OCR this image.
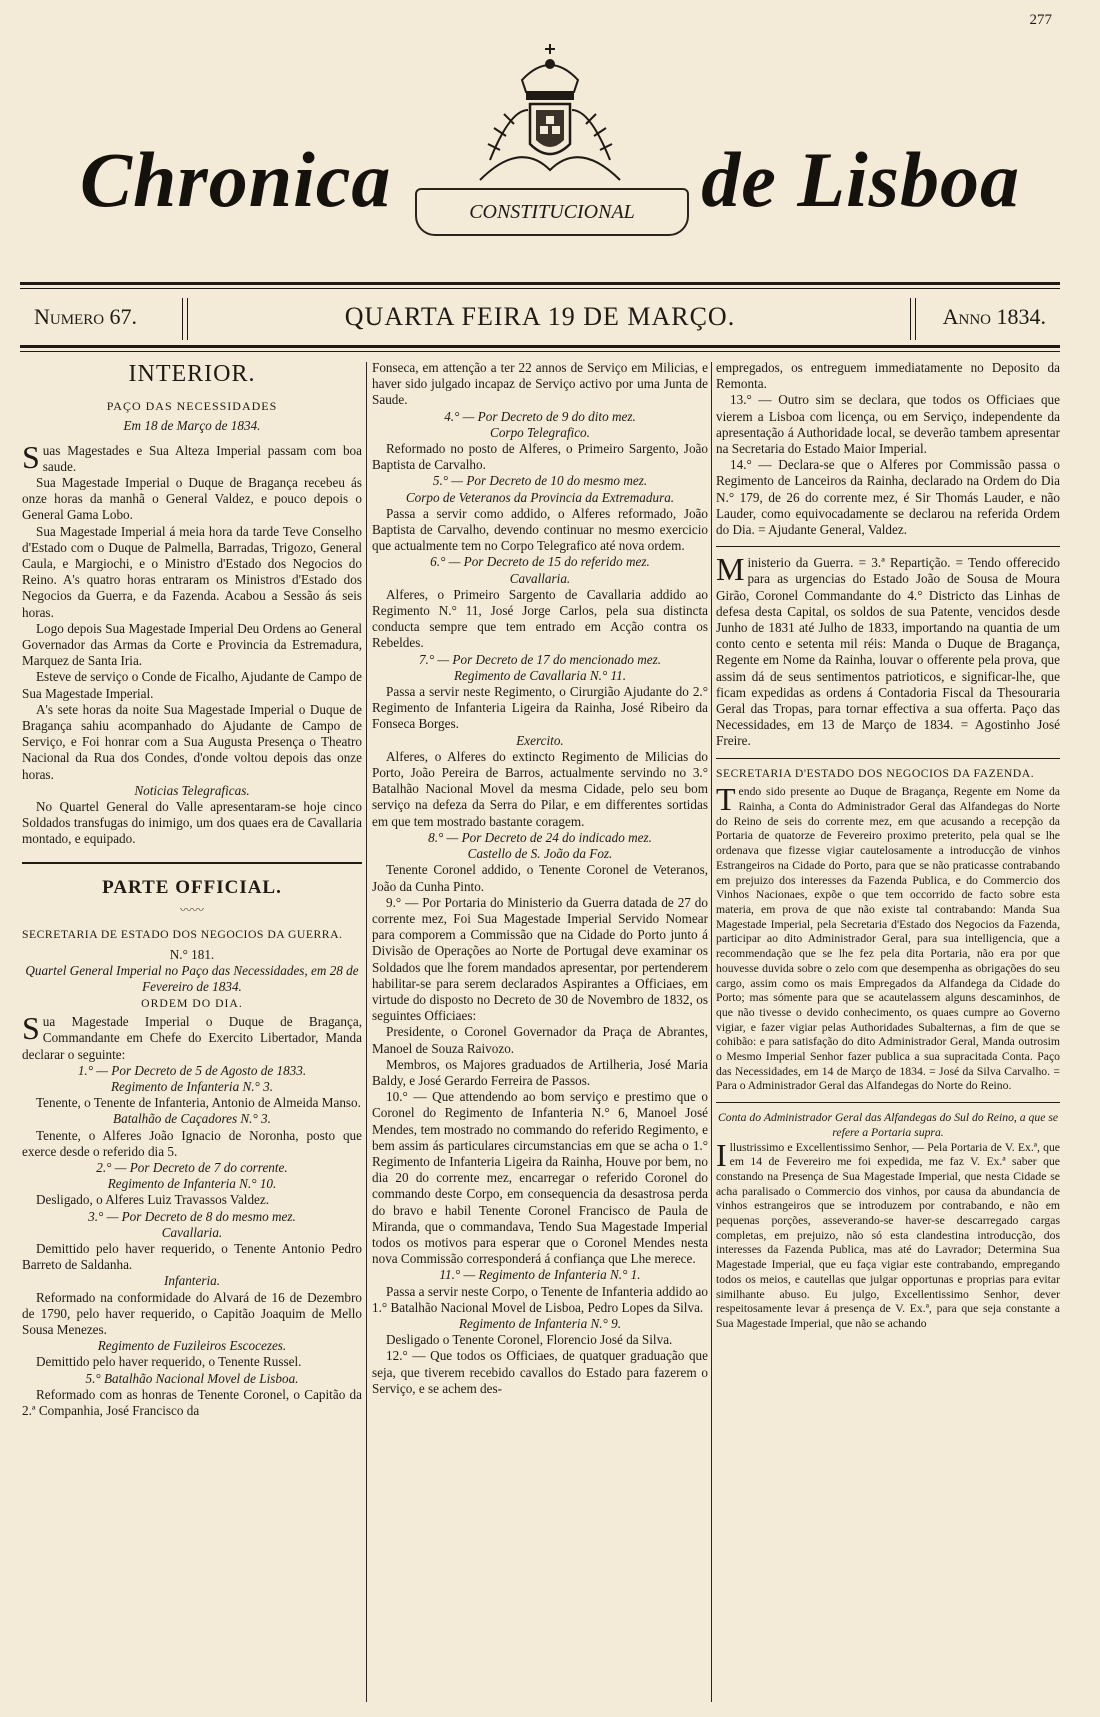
277
Chronica	CONSTITUCIONAL de Lisboa
Numero 67.	QUARTA FEIRA 19 DE MARÇO.	Anno 1834.
INTERIOR.
PAÇO DAS NECESSIDADES
Em 18 de Março de 1834.

Suas Magestades e Sua Alteza Imperial passam com boa saude.

Sua Magestade Imperial o Duque de Bragança recebeu ás onze horas da manhã o General Valdez, e pouco depois o General Gama Lobo.

Sua Magestade Imperial á meia hora da tarde Teve Conselho d'Estado com o Duque de Palmella, Barradas, Trigozo, General Caula, e Margiochi, e o Ministro d'Estado dos Negocios do Reino. A's quatro horas entraram os Ministros d'Estado dos Negocios da Guerra, e da Fazenda. Acabou a Sessão ás seis horas.

Logo depois Sua Magestade Imperial Deu Ordens ao General Governador das Armas da Corte e Provincia da Estremadura, Marquez de Santa Iria.

Esteve de serviço o Conde de Ficalho, Ajudante de Campo de Sua Magestade Imperial.

A's sete horas da noite Sua Magestade Imperial o Duque de Bragança sahiu acompanhado do Ajudante de Campo de Serviço, e Foi honrar com a Sua Augusta Presença o Theatro Nacional da Rua dos Condes, d'onde voltou depois das onze horas.

Noticias Telegraficas.

No Quartel General do Valle apresentaram-se hoje cinco Soldados transfugas do inimigo, um dos quaes era de Cavallaria montado, e equipado.

PARTE OFFICIAL.
〰〰
SECRETARIA DE ESTADO DOS NEGOCIOS DA GUERRA.

N.° 181.

Quartel General Imperial no Paço das Necessidades, em 28 de Fevereiro de 1834.

ORDEM DO DIA.

Sua Magestade Imperial o Duque de Bragança, Commandante em Chefe do Exercito Libertador, Manda declarar o seguinte:

1.° — Por Decreto de 5 de Agosto de 1833.

Regimento de Infanteria N.° 3.

Tenente, o Tenente de Infanteria, Antonio de Almeida Manso.

Batalhão de Caçadores N.° 3.

Tenente, o Alferes João Ignacio de Noronha, posto que exerce desde o referido dia 5.

2.° — Por Decreto de 7 do corrente.

Regimento de Infanteria N.° 10.

Desligado, o Alferes Luiz Travassos Valdez.

3.° — Por Decreto de 8 do mesmo mez.

Cavallaria.

Demittido pelo haver requerido, o Tenente Antonio Pedro Barreto de Saldanha.

Infanteria.

Reformado na conformidade do Alvará de 16 de Dezembro de 1790, pelo haver requerido, o Capitão Joaquim de Mello Sousa Menezes.

Regimento de Fuzileiros Escocezes.

Demittido pelo haver requerido, o Tenente Russel.

5.° Batalhão Nacional Movel de Lisboa.

Reformado com as honras de Tenente Coronel, o Capitão da 2.ª Companhia, José Francisco da

Fonseca, em attenção a ter 22 annos de Serviço em Milicias, e haver sido julgado incapaz de Serviço activo por uma Junta de Saude.

4.° — Por Decreto de 9 do dito mez.

Corpo Telegrafico.

Reformado no posto de Alferes, o Primeiro Sargento, João Baptista de Carvalho.

5.° — Por Decreto de 10 do mesmo mez.

Corpo de Veteranos da Provincia da Extremadura.

Passa a servir como addido, o Alferes reformado, João Baptista de Carvalho, devendo continuar no mesmo exercicio que actualmente tem no Corpo Telegrafico até nova ordem.

6.° — Por Decreto de 15 do referido mez.

Cavallaria.

Alferes, o Primeiro Sargento de Cavallaria addido ao Regimento N.° 11, José Jorge Carlos, pela sua distincta conducta sempre que tem entrado em Acção contra os Rebeldes.

7.° — Por Decreto de 17 do mencionado mez.

Regimento de Cavallaria N.° 11.

Passa a servir neste Regimento, o Cirurgião Ajudante do 2.° Regimento de Infanteria Ligeira da Rainha, José Ribeiro da Fonseca Borges.

Exercito.

Alferes, o Alferes do extincto Regimento de Milicias do Porto, João Pereira de Barros, actualmente servindo no 3.° Batalhão Nacional Movel da mesma Cidade, pelo seu bom serviço na defeza da Serra do Pilar, e em differentes sortidas em que tem mostrado bastante coragem.

8.° — Por Decreto de 24 do indicado mez.

Castello de S. João da Foz.

Tenente Coronel addido, o Tenente Coronel de Veteranos, João da Cunha Pinto.

9.° — Por Portaria do Ministerio da Guerra datada de 27 do corrente mez, Foi Sua Magestade Imperial Servido Nomear para comporem a Commissão que na Cidade do Porto junto á Divisão de Operações ao Norte de Portugal deve examinar os Soldados que lhe forem mandados apresentar, por pertenderem habilitar-se para serem declarados Aspirantes a Officiaes, em virtude do disposto no Decreto de 30 de Novembro de 1832, os seguintes Officiaes:

Presidente, o Coronel Governador da Praça de Abrantes, Manoel de Souza Raivozo.

Membros, os Majores graduados de Artilheria, José Maria Baldy, e José Gerardo Ferreira de Passos.

10.° — Que attendendo ao bom serviço e prestimo que o Coronel do Regimento de Infanteria N.° 6, Manoel José Mendes, tem mostrado no commando do referido Regimento, e bem assim ás particulares circumstancias em que se acha o 1.° Regimento de Infanteria Ligeira da Rainha, Houve por bem, no dia 20 do corrente mez, encarregar o referido Coronel do commando deste Corpo, em consequencia da desastrosa perda do bravo e habil Tenente Coronel Francisco de Paula de Miranda, que o commandava, Tendo Sua Magestade Imperial todos os motivos para esperar que o Coronel Mendes nesta nova Commissão corresponderá á confiança que Lhe merece.

11.° — Regimento de Infanteria N.° 1.

Passa a servir neste Corpo, o Tenente de Infanteria addido ao 1.° Batalhão Nacional Movel de Lisboa, Pedro Lopes da Silva.

Regimento de Infanteria N.° 9.

Desligado o Tenente Coronel, Florencio José da Silva.

12.° — Que todos os Officiaes, de quatquer graduação que seja, que tiverem recebido cavallos do Estado para fazerem o Serviço, e se achem des-

empregados, os entreguem immediatamente no Deposito da Remonta.

13.° — Outro sim se declara, que todos os Officiaes que vierem a Lisboa com licença, ou em Serviço, independente da apresentação á Authoridade local, se deverão tambem apresentar na Secretaria do Estado Maior Imperial.

14.° — Declara-se que o Alferes por Commissão passa o Regimento de Lanceiros da Rainha, declarado na Ordem do Dia N.° 179, de 26 do corrente mez, é Sir Thomás Lauder, e não Lauder, como equivocadamente se declarou na referida Ordem do Dia. = Ajudante General, Valdez.

Ministerio da Guerra. = 3.ª Repartição. = Tendo offerecido para as urgencias do Estado João de Sousa de Moura Girão, Coronel Commandante do 4.° Districto das Linhas de defesa desta Capital, os soldos de sua Patente, vencidos desde Junho de 1831 até Julho de 1833, importando na quantia de um conto cento e setenta mil réis: Manda o Duque de Bragança, Regente em Nome da Rainha, louvar o offerente pela prova, que assim dá de seus sentimentos patrioticos, e significar-lhe, que ficam expedidas as ordens á Contadoria Fiscal da Thesouraria Geral das Tropas, para tornar effectiva a sua offerta. Paço das Necessidades, em 13 de Março de 1834. = Agostinho José Freire.

SECRETARIA D'ESTADO DOS NEGOCIOS DA FAZENDA.

Tendo sido presente ao Duque de Bragança, Regente em Nome da Rainha, a Conta do Administrador Geral das Alfandegas do Norte do Reino de seis do corrente mez, em que acusando a recepção da Portaria de quatorze de Fevereiro proximo preterito, pela qual se lhe ordenava que fizesse vigiar cautelosamente a introducção de vinhos Estrangeiros na Cidade do Porto, para que se não praticasse contrabando em prejuizo dos interesses da Fazenda Publica, e do Commercio dos Vinhos Nacionaes, expõe o que tem occorrido de facto sobre esta materia, em prova de que não existe tal contrabando: Manda Sua Magestade Imperial, pela Secretaria d'Estado dos Negocios da Fazenda, participar ao dito Administrador Geral, para sua intelligencia, que a recommendação que se lhe fez pela dita Portaria, não era por que houvesse duvida sobre o zelo com que desempenha as obrigações do seu cargo, assim como os mais Empregados da Alfandega da Cidade do Porto; mas sómente para que se acautelassem alguns descaminhos, de que não tivesse o devido conhecimento, os quaes cumpre ao Governo vigiar, e fazer vigiar pelas Authoridades Subalternas, a fim de que se cohibão: e para satisfação do dito Administrador Geral, Manda outrosim o Mesmo Imperial Senhor fazer publica a sua supracitada Conta. Paço das Necessidades, em 14 de Março de 1834. = José da Silva Carvalho. = Para o Administrador Geral das Alfandegas do Norte do Reino.

Conta do Administrador Geral das Alfandegas do Sul do Reino, a que se refere a Portaria supra.

Illustrissimo e Excellentissimo Senhor, — Pela Portaria de V. Ex.ª, que em 14 de Fevereiro me foi expedida, me faz V. Ex.ª saber que constando na Presença de Sua Magestade Imperial, que nesta Cidade se acha paralisado o Commercio dos vinhos, por causa da abundancia de vinhos estrangeiros que se introduzem por contrabando, e não em pequenas porções, asseverando-se haver-se descarregado cargas completas, em prejuizo, não só esta clandestina introducção, dos interesses da Fazenda Publica, mas até do Lavrador; Determina Sua Magestade Imperial, que eu faça vigiar este contrabando, empregando todos os meios, e cautellas que julgar opportunas e proprias para evitar similhante abuso. Eu julgo, Excellentissimo Senhor, dever respeitosamente levar á presença de V. Ex.ª, para que seja constante a Sua Magestade Imperial, que não se achando
